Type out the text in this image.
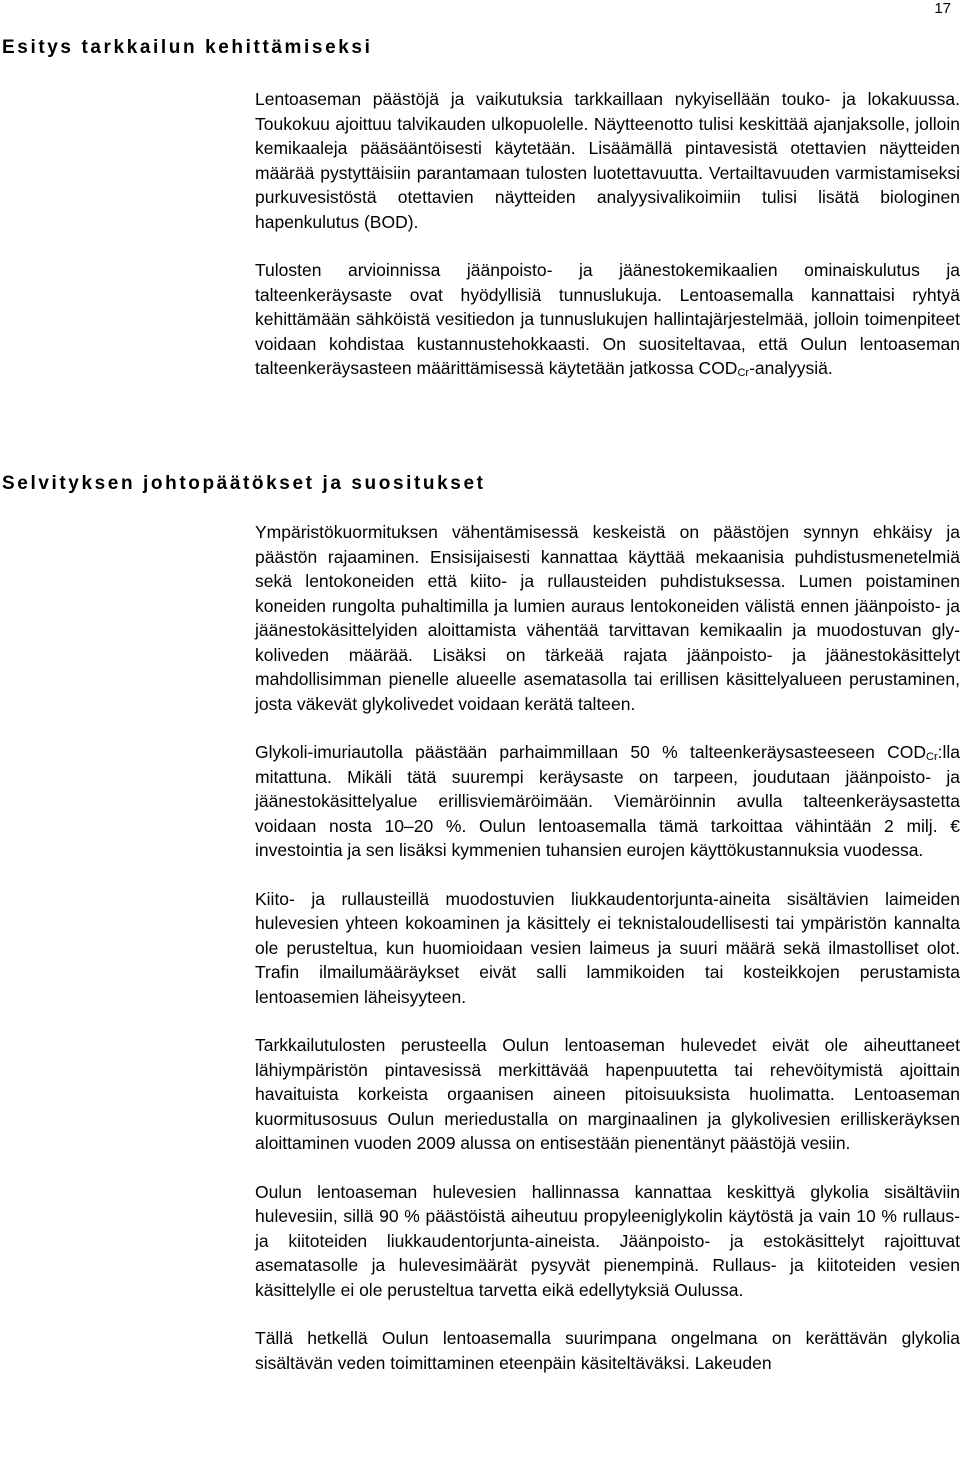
17
Esitys tarkkailun kehittämiseksi

Lentoaseman päästöjä ja vaikutuksia tarkkaillaan nykyisellään touko- ja lokakuussa. Toukokuu ajoittuu talvikauden ulkopuolelle. Näytteenotto tulisi keskittää ajanjaksolle, jolloin kemikaaleja pääsääntöisesti käytetään. Lisäämällä pintavesistä otettavien näytteiden määrää pystyttäisiin parantamaan tulosten luotettavuutta. Vertailtavuuden varmistamiseksi purkuvesistöstä otettavien näytteiden analyysivalikoimiin tulisi lisätä biologinen hapenkulutus (BOD).

Tulosten arvioinnissa jäänpoisto- ja jäänestokemikaalien ominaiskulutus ja talteenkeräysaste ovat hyödyllisiä tunnuslukuja. Lentoasemalla kannattaisi ryhtyä kehittämään sähköistä vesitiedon ja tunnuslukujen hallintajärjestelmää, jolloin toimenpiteet voidaan kohdistaa kustannustehokkaasti. On suositeltavaa, että Oulun lentoaseman talteenkeräysasteen määrittämisessä käytetään jatkossa $COD_{Cr}$-analyysiä.

Selvityksen johtopäätökset ja suositukset

Ympäristökuormituksen vähentämisessä keskeistä on päästöjen synnyn ehkäisy ja päästön rajaaminen. Ensisijaisesti kannattaa käyttää mekaanisia puhdistusmenetelmiä sekä lentokoneiden että kiito- ja rullausteiden puhdistuksessa. Lumen poistaminen koneiden rungolta puhaltimilla ja lumien auraus lentokoneiden välistä ennen jäänpoisto- ja jäänestokäsittelyiden aloittamista vähentää tarvittavan kemikaalin ja muodostuvan glykoliveden määrää. Lisäksi on tärkeää rajata jäänpoisto- ja jäänestokäsittelyt mahdollisimman pienelle alueelle asematasolla tai erillisen käsittelyalueen perustaminen, josta väkevät glykolivedet voidaan kerätä talteen.

Glykoli-imuriautolla päästään parhaimmillaan 50 % talteenkeräysasteeseen $COD_{Cr}:lla$ mitattuna. Mikäli tätä suurempi keräysaste on tarpeen, joudutaan jäänpoisto- ja jäänestokäsittelyalue erillisviemäröimään. Viemäröinnin avulla talteenkeräysastetta voidaan nosta 10–20 %. Oulun lentoasemalla tämä tarkoittaa vähintään 2 milj. € investointia ja sen lisäksi kymmenien tuhansien eurojen käyttökustannuksia vuodessa.

Kiito- ja rullausteillä muodostuvien liukkaudentorjunta-aineita sisältävien laimeiden hulevesien yhteen kokoaminen ja käsittely ei teknistaloudellisesti tai ympäristön kannalta ole perusteltua, kun huomioidaan vesien laimeus ja suuri määrä sekä ilmastolliset olot. Trafin ilmailumääräykset eivät salli lammikoiden tai kosteikkojen perustamista lentoasemien läheisyyteen.

Tarkkailutulosten perusteella Oulun lentoaseman hulevedet eivät ole aiheuttaneet lähiympäristön pintavesissä merkittävää hapenpuutetta tai rehevöitymistä ajoittain havaituista korkeista orgaanisen aineen pitoisuuksista huolimatta. Lentoaseman kuormitusosuus Oulun meriedustalla on marginaalinen ja glykolivesien erilliskeräyksen aloittaminen vuoden 2009 alussa on entisestään pienentänyt päästöjä vesiin.

Oulun lentoaseman hulevesien hallinnassa kannattaa keskittyä glykolia sisältäviin hulevesiin, sillä 90 % päästöistä aiheutuu propyleeniglykolin käytöstä ja vain 10 % rullaus- ja kiitoteiden liukkaudentorjunta-aineista. Jäänpoisto- ja estokäsittelyt rajoittuvat asematasolle ja hulevesimäärät pysyvät pienempinä. Rullaus- ja kiitoteiden vesien käsittelylle ei ole perusteltua tarvetta eikä edellytyksiä Oulussa.

Tällä hetkellä Oulun lentoasemalla suurimpana ongelmana on kerättävän glykolia sisältävän veden toimittaminen eteenpäin käsiteltäväksi. Lakeuden
